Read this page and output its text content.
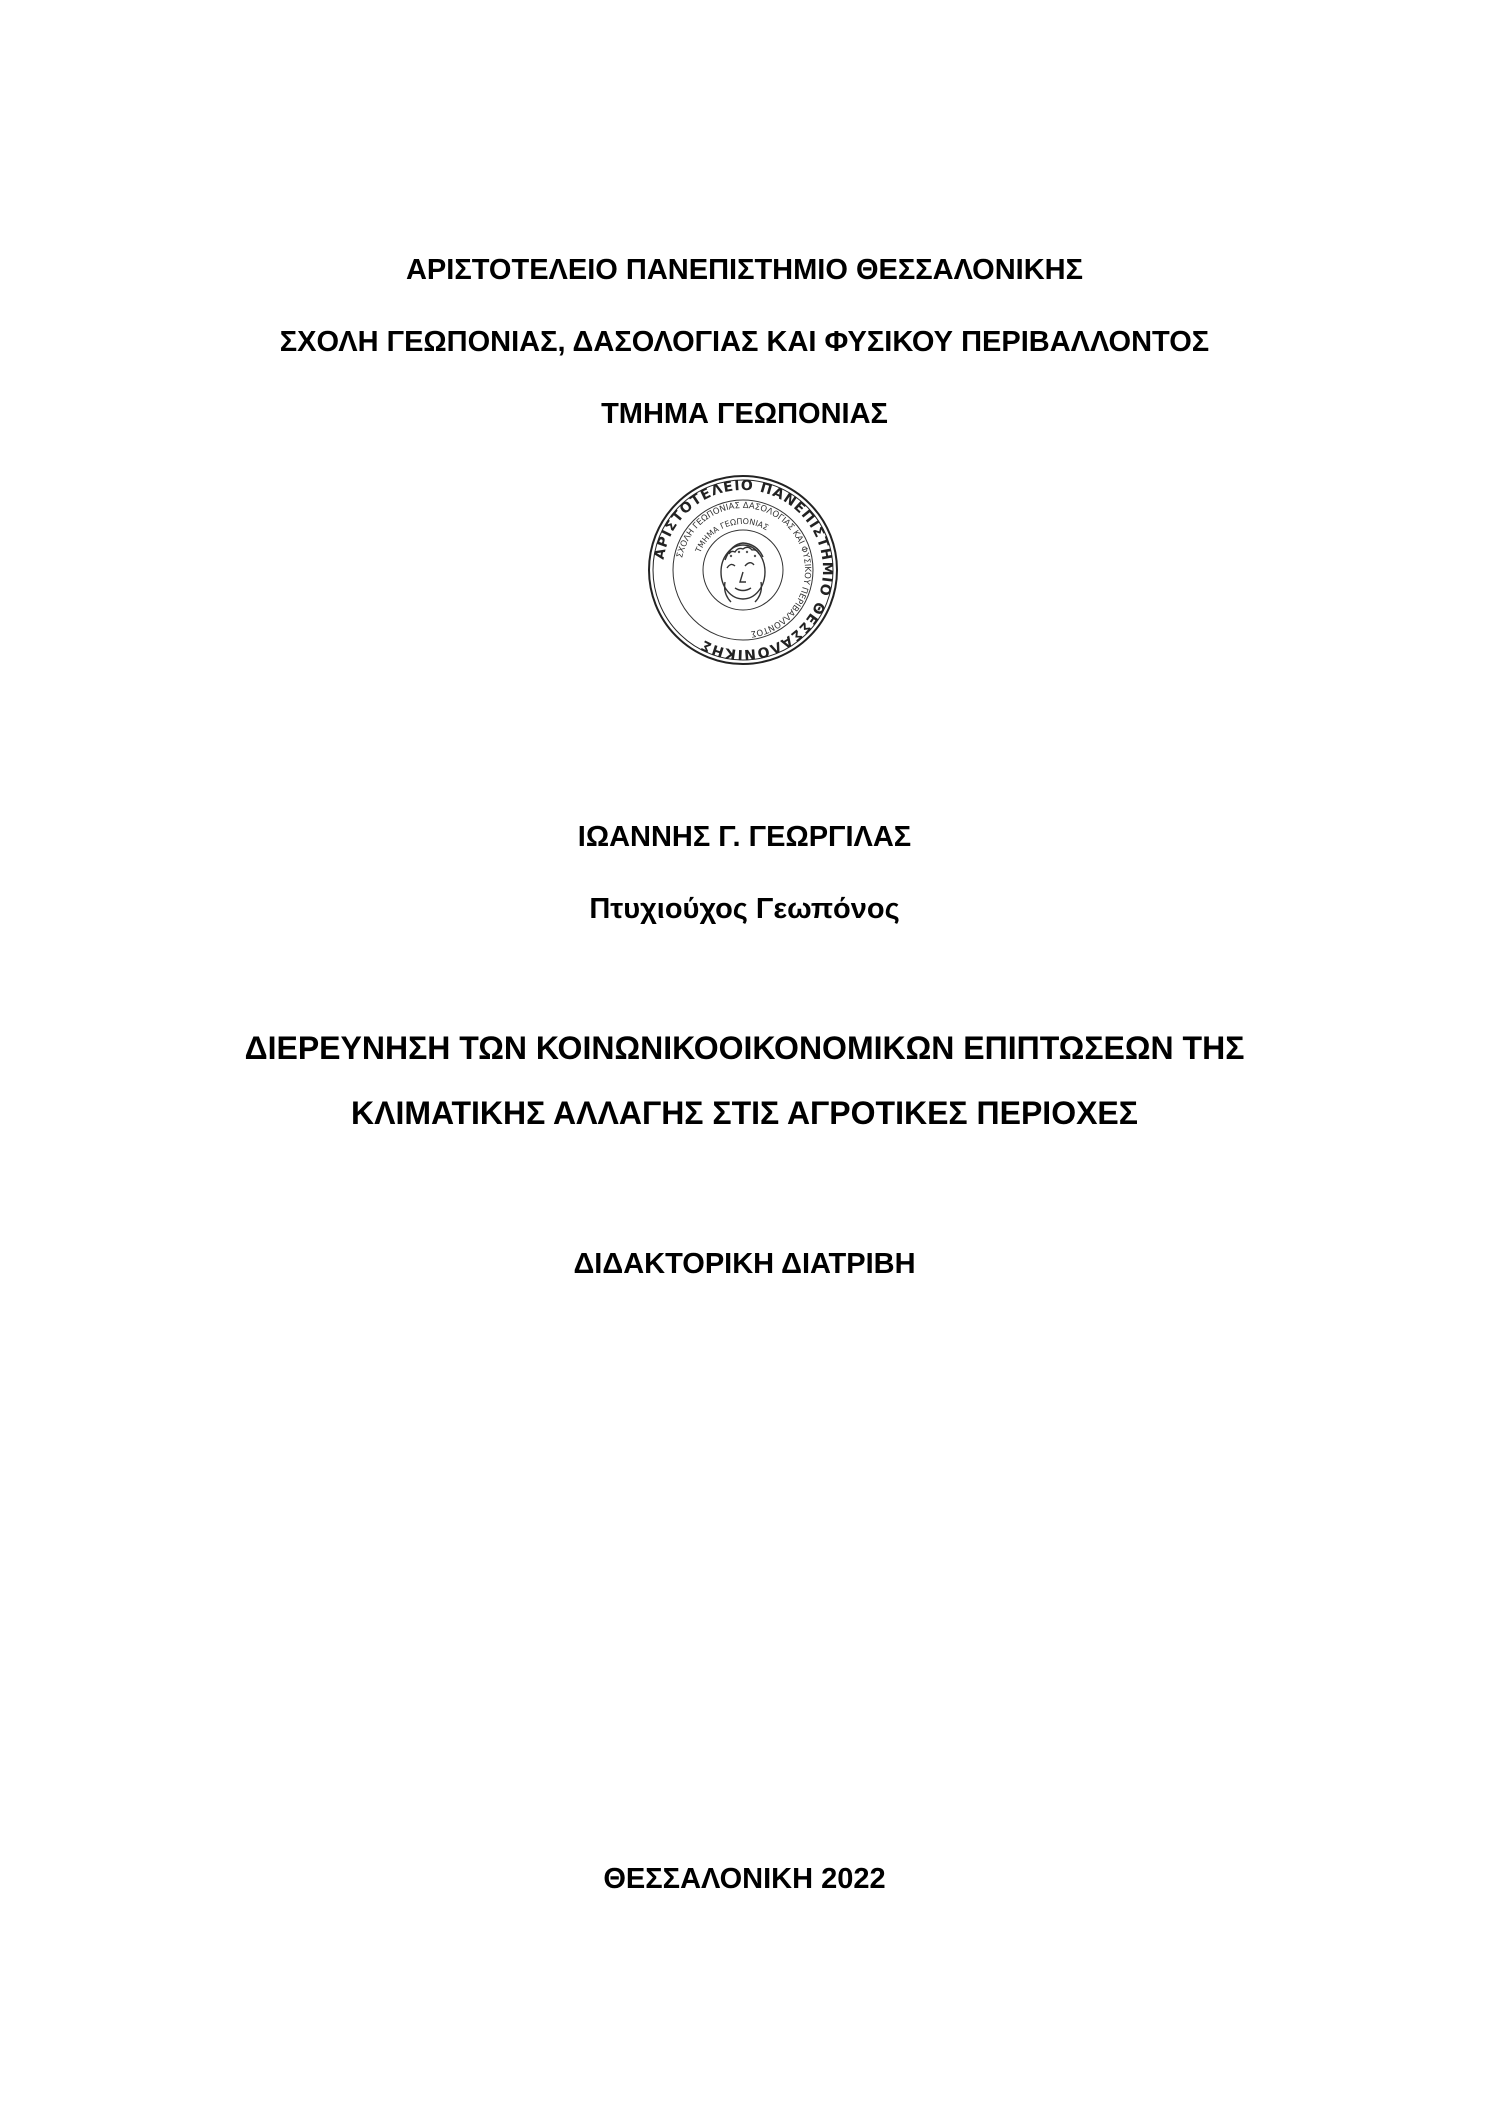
ΑΡΙΣΤΟΤΕΛΕΙΟ ΠΑΝΕΠΙΣΤΗΜΙΟ ΘΕΣΣΑΛΟΝΙΚΗΣ
ΣΧΟΛΗ ΓΕΩΠΟΝΙΑΣ, ΔΑΣΟΛΟΓΙΑΣ ΚΑΙ ΦΥΣΙΚΟΥ ΠΕΡΙΒΑΛΛΟΝΤΟΣ
ΤΜΗΜΑ ΓΕΩΠΟΝΙΑΣ
ΑΡΙΣΤΟΤΕΛΕΙΟ ΠΑΝΕΠΙΣΤΗΜΙΟ ΘΕΣΣΑΛΟΝΙΚΗΣ
ΣΧΟΛΗ ΓΕΩΠΟΝΙΑΣ ΔΑΣΟΛΟΓΙΑΣ ΚΑΙ ΦΥΣΙΚΟΥ ΠΕΡΙΒΑΛΛΟΝΤΟΣ
ΤΜΗΜΑ ΓΕΩΠΟΝΙΑΣ
ΙΩΑΝΝΗΣ Γ. ΓΕΩΡΓΙΛΑΣ
Πτυχιούχος Γεωπόνος
ΔΙΕΡΕΥΝΗΣΗ ΤΩΝ ΚΟΙΝΩΝΙΚΟΟΙΚΟΝΟΜΙΚΩΝ ΕΠΙΠΤΩΣΕΩΝ ΤΗΣ
ΚΛΙΜΑΤΙΚΗΣ ΑΛΛΑΓΗΣ ΣΤΙΣ ΑΓΡΟΤΙΚΕΣ ΠΕΡΙΟΧΕΣ
ΔΙΔΑΚΤΟΡΙΚΗ ΔΙΑΤΡΙΒΗ
ΘΕΣΣΑΛΟΝΙΚΗ 2022
